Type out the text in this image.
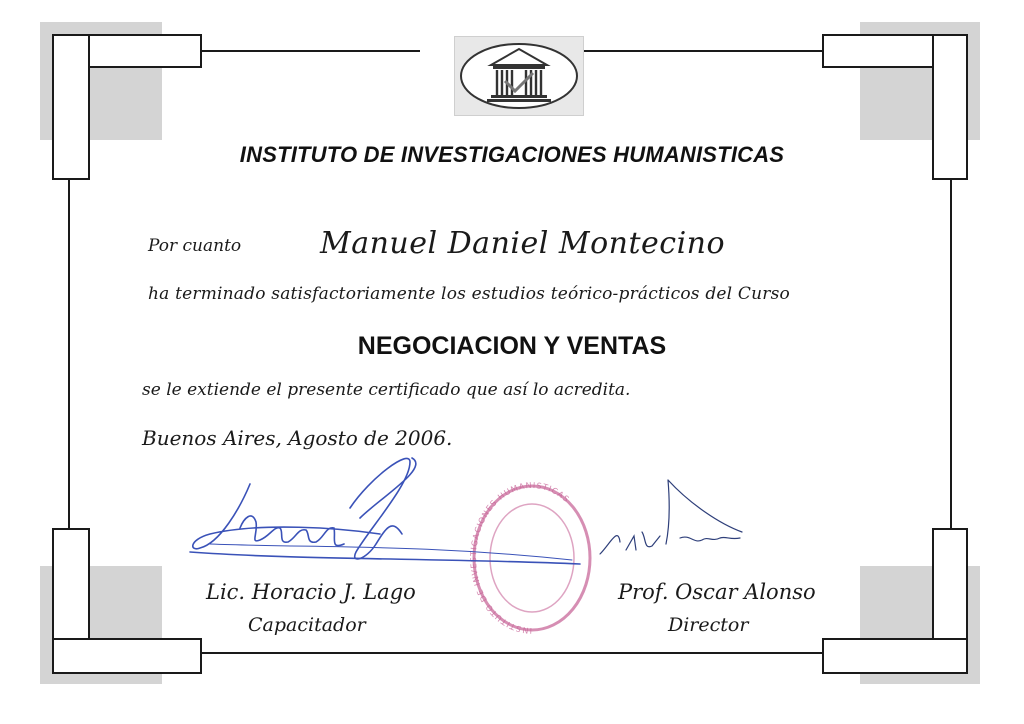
INSTITUTO DE INVESTIGACIONES HUMANISTICAS
Por cuanto	Manuel Daniel Montecino
ha terminado satisfactoriamente los estudios teórico-prácticos del Curso
NEGOCIACION Y VENTAS
se le extiende el presente certificado que así lo acredita.
Buenos Aires, Agosto de 2006.
INSTITUTO DE INVESTIGACIONES HUMANISTICAS
Lic. Horacio J. Lago
Capacitador
Prof. Oscar Alonso
Director
